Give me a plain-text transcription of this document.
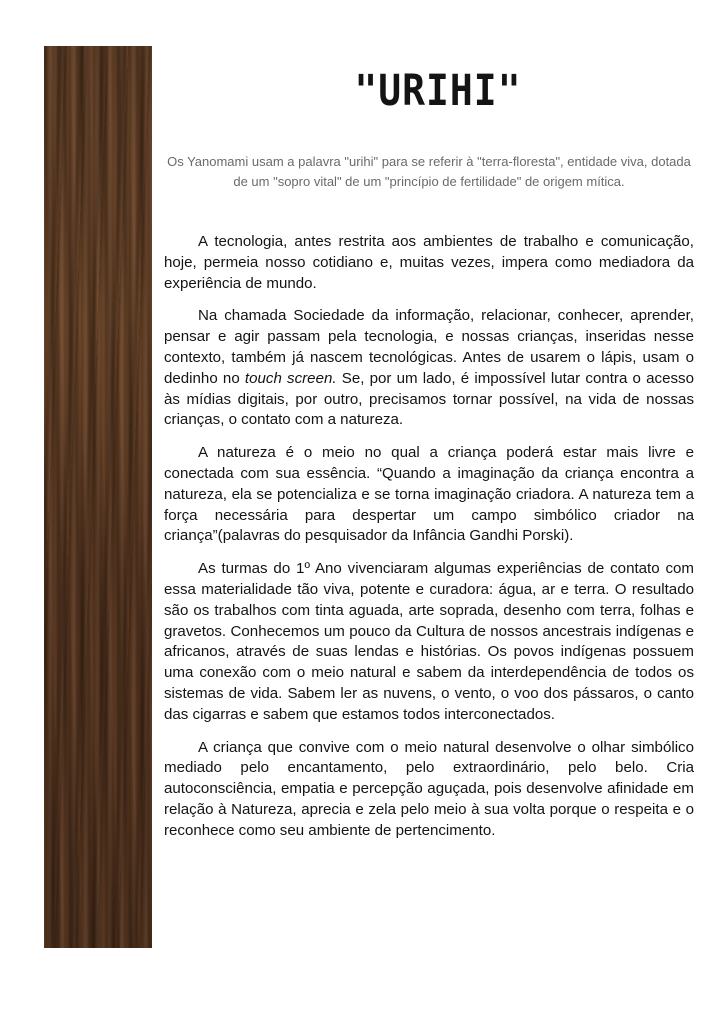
"URIHI"
Os Yanomami usam a palavra "urihi" para se referir à "terra-floresta", entidade viva, dotada de um "sopro vital" de um "princípio de fertilidade" de origem mítica.

A tecnologia, antes restrita aos ambientes de trabalho e comunicação, hoje, permeia nosso cotidiano e, muitas vezes, impera como mediadora da experiência de mundo.

Na chamada Sociedade da informação, relacionar, conhecer, aprender, pensar e agir passam pela tecnologia, e nossas crianças, inseridas nesse contexto, também já nascem tecnológicas. Antes de usarem o lápis, usam o dedinho no touch screen. Se, por um lado, é impossível lutar contra o acesso às mídias digitais, por outro, precisamos tornar possível, na vida de nossas crianças, o contato com a natureza.

A natureza é o meio no qual a criança poderá estar mais livre e conectada com sua essência. “Quando a imaginação da criança encontra a natureza, ela se potencializa e se torna imaginação criadora. A natureza tem a força necessária para despertar um campo simbólico criador na criança”(palavras do pesquisador da Infância Gandhi Porski).

As turmas do 1º Ano vivenciaram algumas experiências de contato com essa materialidade tão viva, potente e curadora: água, ar e terra. O resultado são os trabalhos com tinta aguada, arte soprada, desenho com terra, folhas e gravetos. Conhecemos um pouco da Cultura de nossos ancestrais indígenas e africanos, através de suas lendas e histórias. Os povos indígenas possuem uma conexão com o meio natural e sabem da interdependência de todos os sistemas de vida. Sabem ler as nuvens, o vento, o voo dos pássaros, o canto das cigarras e sabem que estamos todos interconectados.

A criança que convive com o meio natural desenvolve o olhar simbólico mediado pelo encantamento, pelo extraordinário, pelo belo. Cria autoconsciência, empatia e percepção aguçada, pois desenvolve afinidade em relação à Natureza, aprecia e zela pelo meio à sua volta porque o respeita e o reconhece como seu ambiente de pertencimento.
